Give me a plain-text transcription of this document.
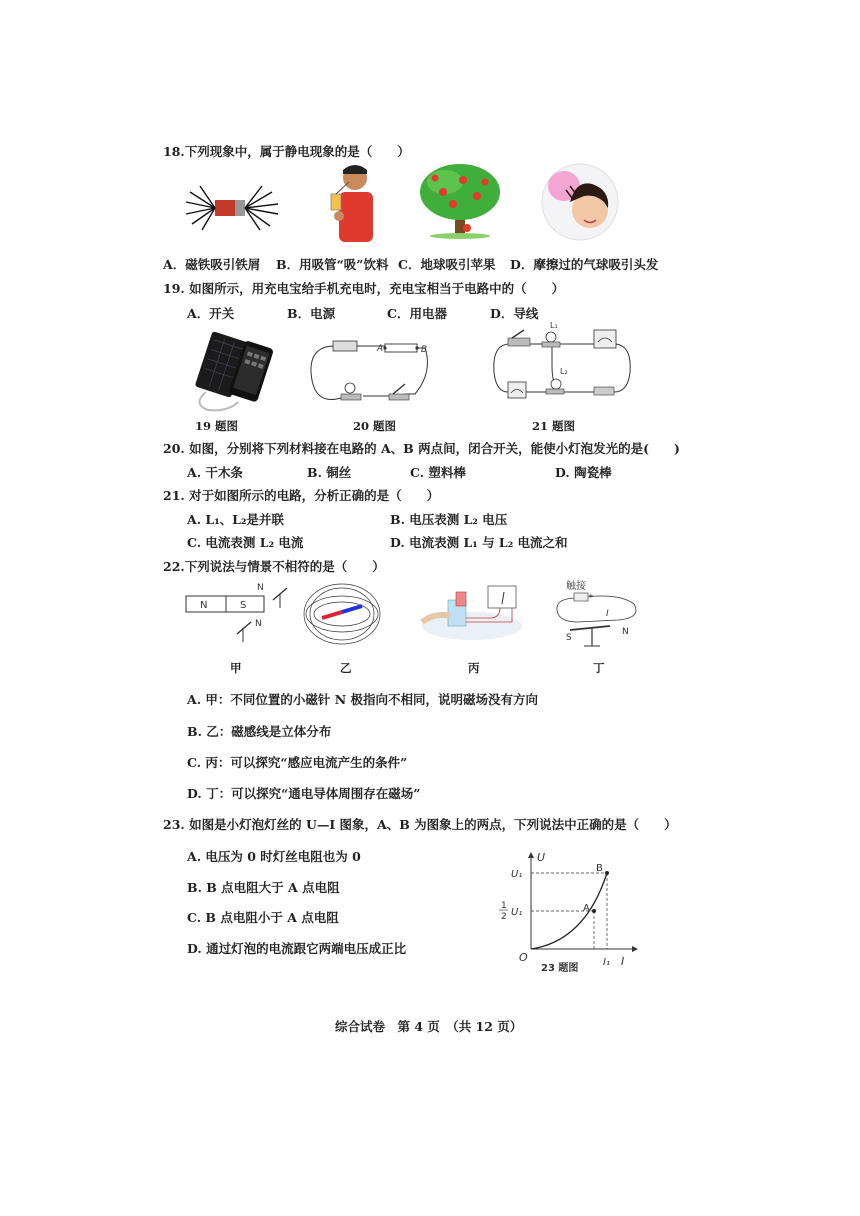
18.下列现象中，属于静电现象的是（　　）
A．磁铁吸引铁屑 B．用吸管“吸”饮料 C．地球吸引苹果 D．摩擦过的气球吸引头发
19. 如图所示，用充电宝给手机充电时，充电宝相当于电路中的（　　）
A．开关	B．电源	C．用电器	D．导线
A	B
L₁
L₂
19 题图	20 题图	21 题图
20. 如图，分别将下列材料接在电路的 A、B 两点间，闭合开关，能使小灯泡发光的是(　　)
A. 干木条	B. 铜丝	C. 塑料棒	D. 陶瓷棒
21. 对于如图所示的电路，分析正确的是（　　）
A. L₁、L₂是并联	B. 电压表测 L₂ 电压
C. 电流表测 L₂ 电流	D. 电流表测 L₁ 与 L₂ 电流之和
22.下列说法与情景不相符的是（　　）
N	S
N
N
触接
+
I
S
N
甲	乙	丙	丁
A. 甲：不同位置的小磁针 N 极指向不相同，说明磁场没有方向
B. 乙：磁感线是立体分布
C. 丙：可以探究“感应电流产生的条件”
D. 丁：可以探究“通电导体周围存在磁场”
23. 如图是小灯泡灯丝的 U—I 图象，A、B 为图象上的两点，下列说法中正确的是（　　）
A. 电压为 0 时灯丝电阻也为 0
B. B 点电阻大于 A 点电阻
C. B 点电阻小于 A 点电阻
D. 通过灯泡的电流跟它两端电压成正比
U
I
O
B
A
U₁
1
2 U₁
I₁
23 题图
综合试卷　第 4 页　（共 12 页）
